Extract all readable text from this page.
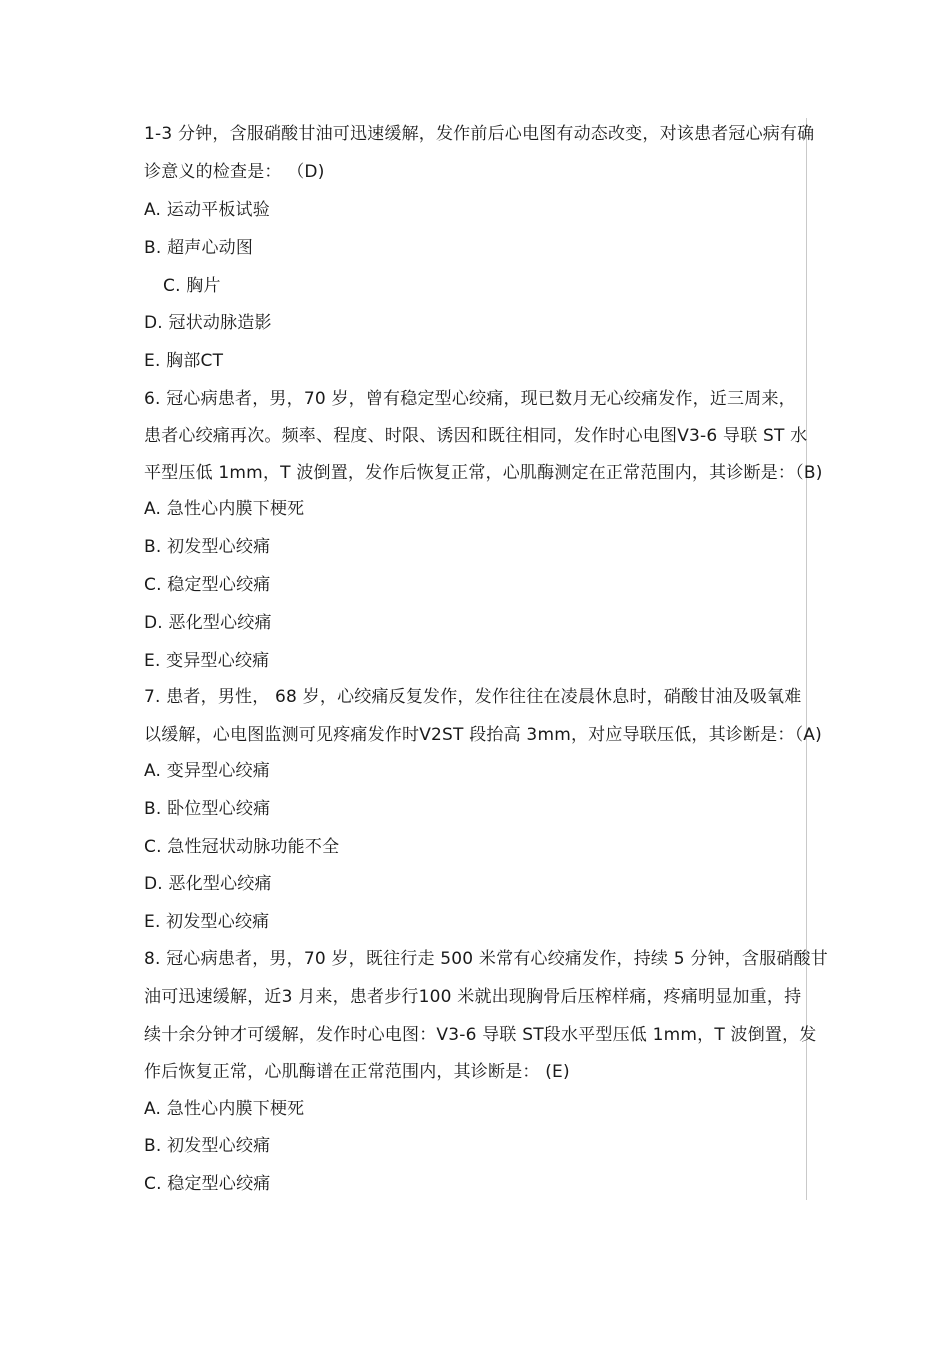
1-3 分钟，含服硝酸甘油可迅速缓解，发作前后心电图有动态改变，对该患者冠心病有确
诊意义的检查是： （D)
A. 运动平板试验
B. 超声心动图
C. 胸片
D. 冠状动脉造影
E. 胸部CT
6. 冠心病患者，男，70 岁，曾有稳定型心绞痛，现已数月无心绞痛发作，近三周来，
患者心绞痛再次。频率、程度、时限、诱因和既往相同，发作时心电图V3-6 导联 ST 水
平型压低 1mm，T 波倒置，发作后恢复正常，心肌酶测定在正常范围内，其诊断是：（B)
A. 急性心内膜下梗死
B. 初发型心绞痛
C. 稳定型心绞痛
D. 恶化型心绞痛
E. 变异型心绞痛
7. 患者，男性， 68 岁，心绞痛反复发作，发作往往在凌晨休息时，硝酸甘油及吸氧难
以缓解，心电图监测可见疼痛发作时V2ST 段抬高 3mm，对应导联压低，其诊断是：（A)
A. 变异型心绞痛
B. 卧位型心绞痛
C. 急性冠状动脉功能不全
D. 恶化型心绞痛
E. 初发型心绞痛
8. 冠心病患者，男，70 岁，既往行走 500 米常有心绞痛发作，持续 5 分钟，含服硝酸甘
油可迅速缓解，近3 月来，患者步行100 米就出现胸骨后压榨样痛，疼痛明显加重，持
续十余分钟才可缓解，发作时心电图：V3-6 导联 ST段水平型压低 1mm，T 波倒置，发
作后恢复正常，心肌酶谱在正常范围内，其诊断是： (E)
A. 急性心内膜下梗死
B. 初发型心绞痛
C. 稳定型心绞痛
